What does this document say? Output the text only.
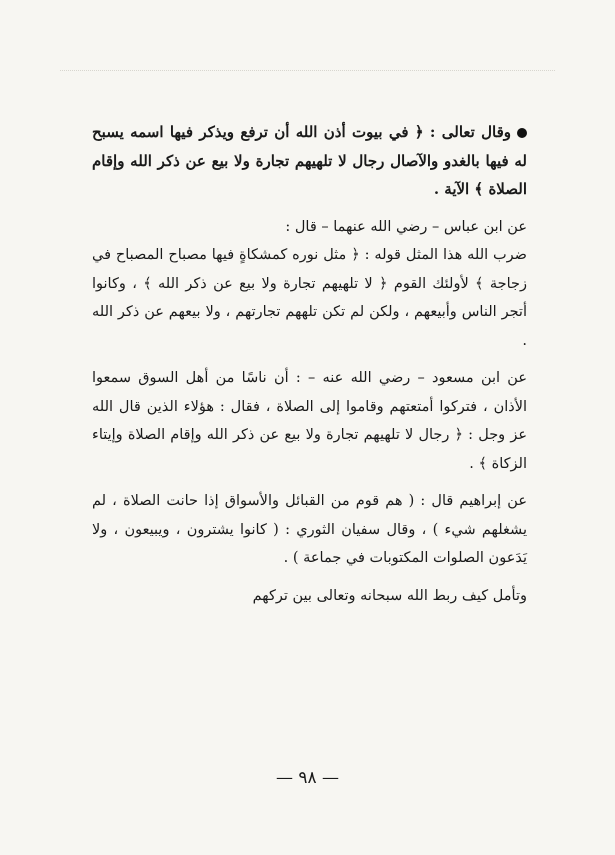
وقال تعالى : ﴿ في بيوت أذن الله أن ترفع ويذكر فيها اسمه يسبح له فيها بالغدو والآصال رجال لا تلهيهم تجارة ولا بيع عن ذكر الله وإقام الصلاة ﴾ الآية .

عن ابن عباس – رضي الله عنهما – قال :

ضرب الله هذا المثل قوله : ﴿ مثل نوره كمشكاةٍ فيها مصباح المصباح في زجاجة ﴾ لأولئك القوم ﴿ لا تلهيهم تجارة ولا بيع عن ذكر الله ﴾ ، وكانوا أتجر الناس وأبيعهم ، ولكن لم تكن تلههم تجارتهم ، ولا بيعهم عن ذكر الله .

عن ابن مسعود – رضي الله عنه – : أن ناسًا من أهل السوق سمعوا الأذان ، فتركوا أمتعتهم وقاموا إلى الصلاة ، فقال : هؤلاء الذين قال الله عز وجل : ﴿ رجال لا تلهيهم تجارة ولا بيع عن ذكر الله وإقام الصلاة وإيتاء الزكاة ﴾ .

عن إبراهيم قال : ( هم قوم من القبائل والأسواق إذا حانت الصلاة ، لم يشغلهم شيء ) ، وقال سفيان الثوري : ( كانوا يشترون ، ويبيعون ، ولا يَدَعون الصلوات المكتوبات في جماعة ) .

وتأمل كيف ربط الله سبحانه وتعالى بين تركهم

— ٩٨ —
